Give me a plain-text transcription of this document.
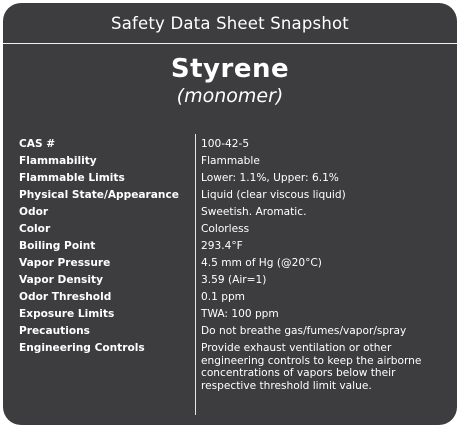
Safety Data Sheet Snapshot
Styrene
(monomer)
CAS #	100-42-5
Flammability	Flammable
Flammable Limits	Lower: 1.1%, Upper: 6.1%
Physical State/Appearance	Liquid (clear viscous liquid)
Odor	Sweetish. Aromatic.
Color	Colorless
Boiling Point	293.4°F
Vapor Pressure	4.5 mm of Hg (@20°C)
Vapor Density	3.59 (Air=1)
Odor Threshold	0.1 ppm
Exposure Limits	TWA: 100 ppm
Precautions	Do not breathe gas/fumes/vapor/spray
Engineering Controls	Provide exhaust ventilation or other engineering controls to keep the airborne concentrations of vapors below their respective threshold limit value.
